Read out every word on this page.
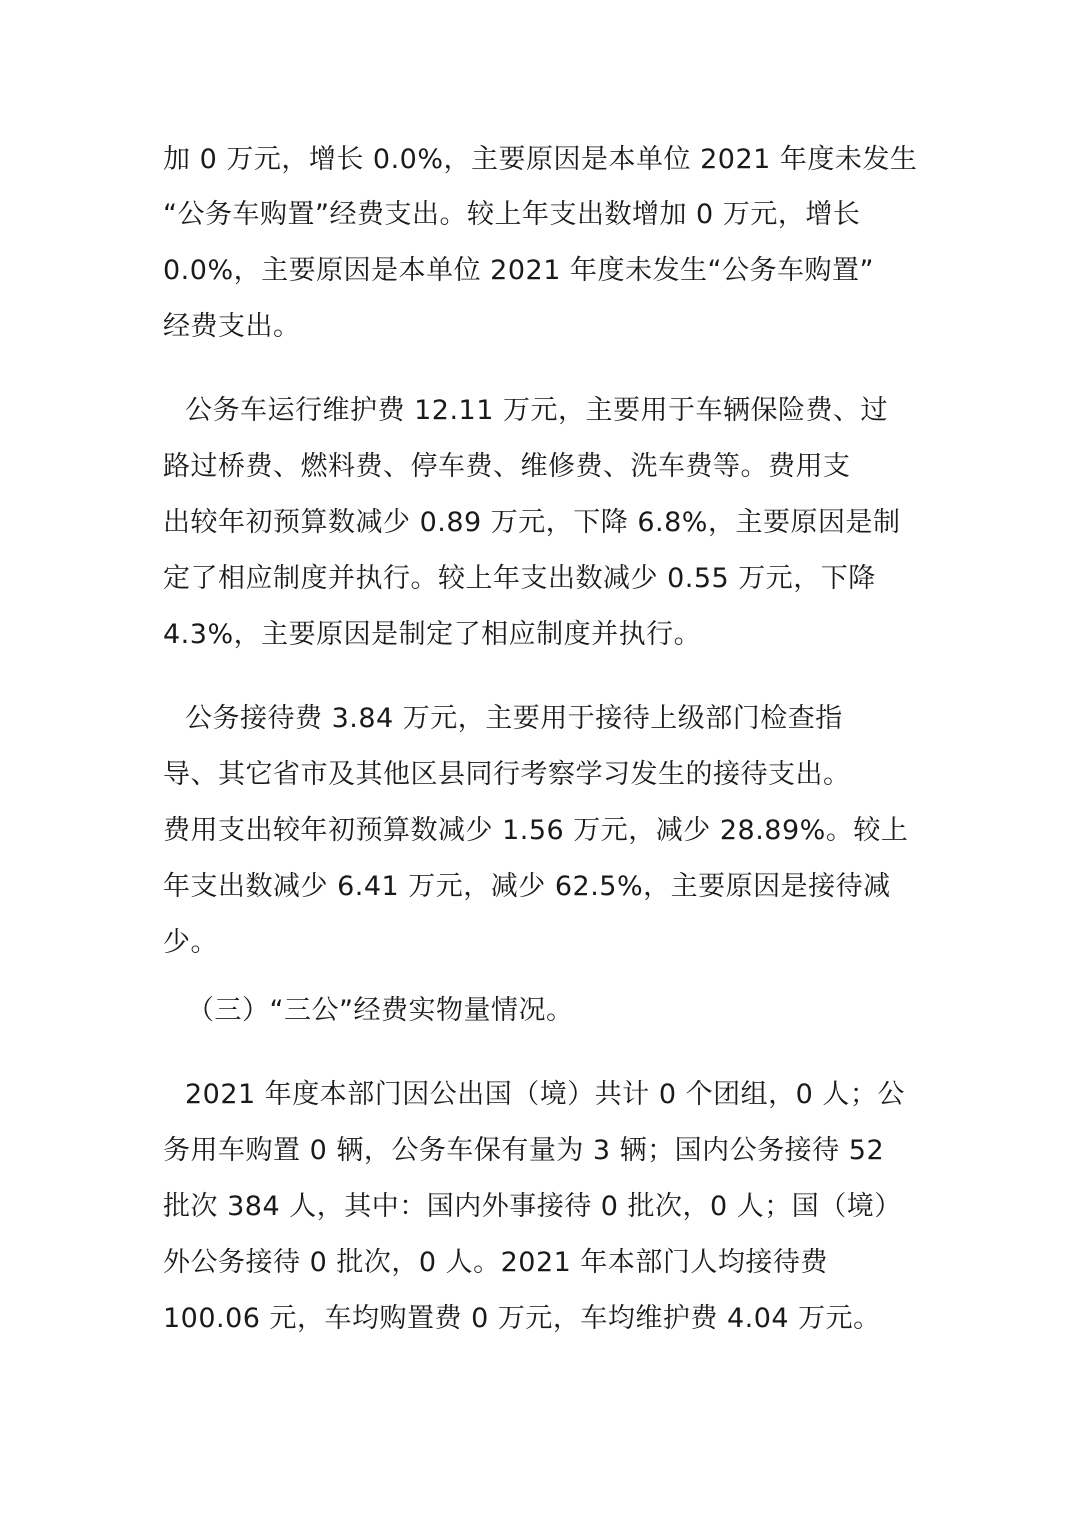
加 0 万元，增长 0.0%，主要原因是本单位 2021 年度未发生
“公务车购置”经费支出。较上年支出数增加 0 万元，增长
0.0%，主要原因是本单位 2021 年度未发生“公务车购置”
经费支出。
公务车运行维护费 12.11 万元，主要用于车辆保险费、过
路过桥费、燃料费、停车费、维修费、洗车费等。费用支
出较年初预算数减少 0.89 万元，下降 6.8%，主要原因是制
定了相应制度并执行。较上年支出数减少 0.55 万元，下降
4.3%，主要原因是制定了相应制度并执行。
公务接待费 3.84 万元，主要用于接待上级部门检查指
导、其它省市及其他区县同行考察学习发生的接待支出。
费用支出较年初预算数减少 1.56 万元，减少 28.89%。较上
年支出数减少 6.41 万元，减少 62.5%，主要原因是接待减
少。
（三）“三公”经费实物量情况。
2021 年度本部门因公出国（境）共计 0 个团组，0 人；公
务用车购置 0 辆，公务车保有量为 3 辆；国内公务接待 52
批次 384 人，其中：国内外事接待 0 批次，0 人；国（境）
外公务接待 0 批次，0 人。2021 年本部门人均接待费
100.06 元，车均购置费 0 万元，车均维护费 4.04 万元。
